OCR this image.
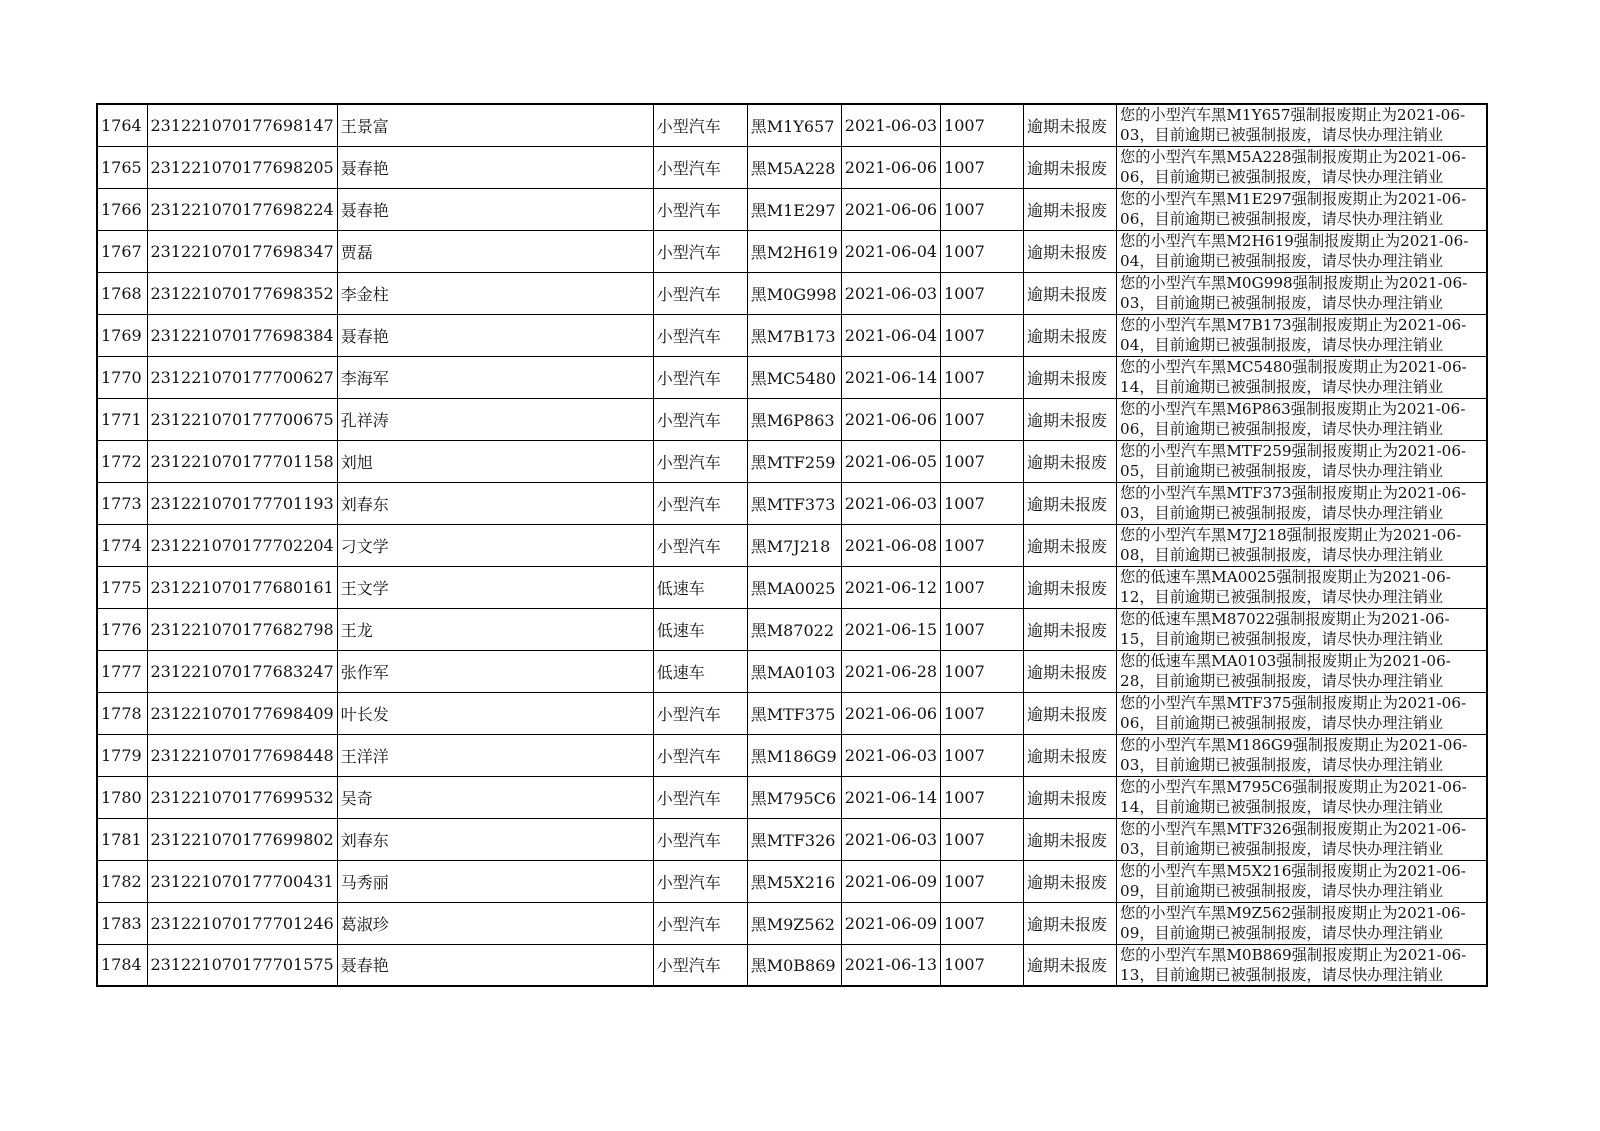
1764	231221070177698147	王景富	小型汽车	黑M1Y657	2021-06-03	1007	逾期未报废	您的小型汽车黑M1Y657强制报废期止为2021-06-03，目前逾期已被强制报废，请尽快办理注销业
1765	231221070177698205	聂春艳	小型汽车	黑M5A228	2021-06-06	1007	逾期未报废	您的小型汽车黑M5A228强制报废期止为2021-06-06，目前逾期已被强制报废，请尽快办理注销业
1766	231221070177698224	聂春艳	小型汽车	黑M1E297	2021-06-06	1007	逾期未报废	您的小型汽车黑M1E297强制报废期止为2021-06-06，目前逾期已被强制报废，请尽快办理注销业
1767	231221070177698347	贾磊	小型汽车	黑M2H619	2021-06-04	1007	逾期未报废	您的小型汽车黑M2H619强制报废期止为2021-06-04，目前逾期已被强制报废，请尽快办理注销业
1768	231221070177698352	李金柱	小型汽车	黑M0G998	2021-06-03	1007	逾期未报废	您的小型汽车黑M0G998强制报废期止为2021-06-03，目前逾期已被强制报废，请尽快办理注销业
1769	231221070177698384	聂春艳	小型汽车	黑M7B173	2021-06-04	1007	逾期未报废	您的小型汽车黑M7B173强制报废期止为2021-06-04，目前逾期已被强制报废，请尽快办理注销业
1770	231221070177700627	李海军	小型汽车	黑MC5480	2021-06-14	1007	逾期未报废	您的小型汽车黑MC5480强制报废期止为2021-06-14，目前逾期已被强制报废，请尽快办理注销业
1771	231221070177700675	孔祥涛	小型汽车	黑M6P863	2021-06-06	1007	逾期未报废	您的小型汽车黑M6P863强制报废期止为2021-06-06，目前逾期已被强制报废，请尽快办理注销业
1772	231221070177701158	刘旭	小型汽车	黑MTF259	2021-06-05	1007	逾期未报废	您的小型汽车黑MTF259强制报废期止为2021-06-05，目前逾期已被强制报废，请尽快办理注销业
1773	231221070177701193	刘春东	小型汽车	黑MTF373	2021-06-03	1007	逾期未报废	您的小型汽车黑MTF373强制报废期止为2021-06-03，目前逾期已被强制报废，请尽快办理注销业
1774	231221070177702204	刁文学	小型汽车	黑M7J218	2021-06-08	1007	逾期未报废	您的小型汽车黑M7J218强制报废期止为2021-06-08，目前逾期已被强制报废，请尽快办理注销业
1775	231221070177680161	王文学	低速车	黑MA0025	2021-06-12	1007	逾期未报废	您的低速车黑MA0025强制报废期止为2021-06-12，目前逾期已被强制报废，请尽快办理注销业
1776	231221070177682798	王龙	低速车	黑M87022	2021-06-15	1007	逾期未报废	您的低速车黑M87022强制报废期止为2021-06-15，目前逾期已被强制报废，请尽快办理注销业
1777	231221070177683247	张作军	低速车	黑MA0103	2021-06-28	1007	逾期未报废	您的低速车黑MA0103强制报废期止为2021-06-28，目前逾期已被强制报废，请尽快办理注销业
1778	231221070177698409	叶长发	小型汽车	黑MTF375	2021-06-06	1007	逾期未报废	您的小型汽车黑MTF375强制报废期止为2021-06-06，目前逾期已被强制报废，请尽快办理注销业
1779	231221070177698448	王洋洋	小型汽车	黑M186G9	2021-06-03	1007	逾期未报废	您的小型汽车黑M186G9强制报废期止为2021-06-03，目前逾期已被强制报废，请尽快办理注销业
1780	231221070177699532	吴奇	小型汽车	黑M795C6	2021-06-14	1007	逾期未报废	您的小型汽车黑M795C6强制报废期止为2021-06-14，目前逾期已被强制报废，请尽快办理注销业
1781	231221070177699802	刘春东	小型汽车	黑MTF326	2021-06-03	1007	逾期未报废	您的小型汽车黑MTF326强制报废期止为2021-06-03，目前逾期已被强制报废，请尽快办理注销业
1782	231221070177700431	马秀丽	小型汽车	黑M5X216	2021-06-09	1007	逾期未报废	您的小型汽车黑M5X216强制报废期止为2021-06-09，目前逾期已被强制报废，请尽快办理注销业
1783	231221070177701246	葛淑珍	小型汽车	黑M9Z562	2021-06-09	1007	逾期未报废	您的小型汽车黑M9Z562强制报废期止为2021-06-09，目前逾期已被强制报废，请尽快办理注销业
1784	231221070177701575	聂春艳	小型汽车	黑M0B869	2021-06-13	1007	逾期未报废	您的小型汽车黑M0B869强制报废期止为2021-06-13，目前逾期已被强制报废，请尽快办理注销业
